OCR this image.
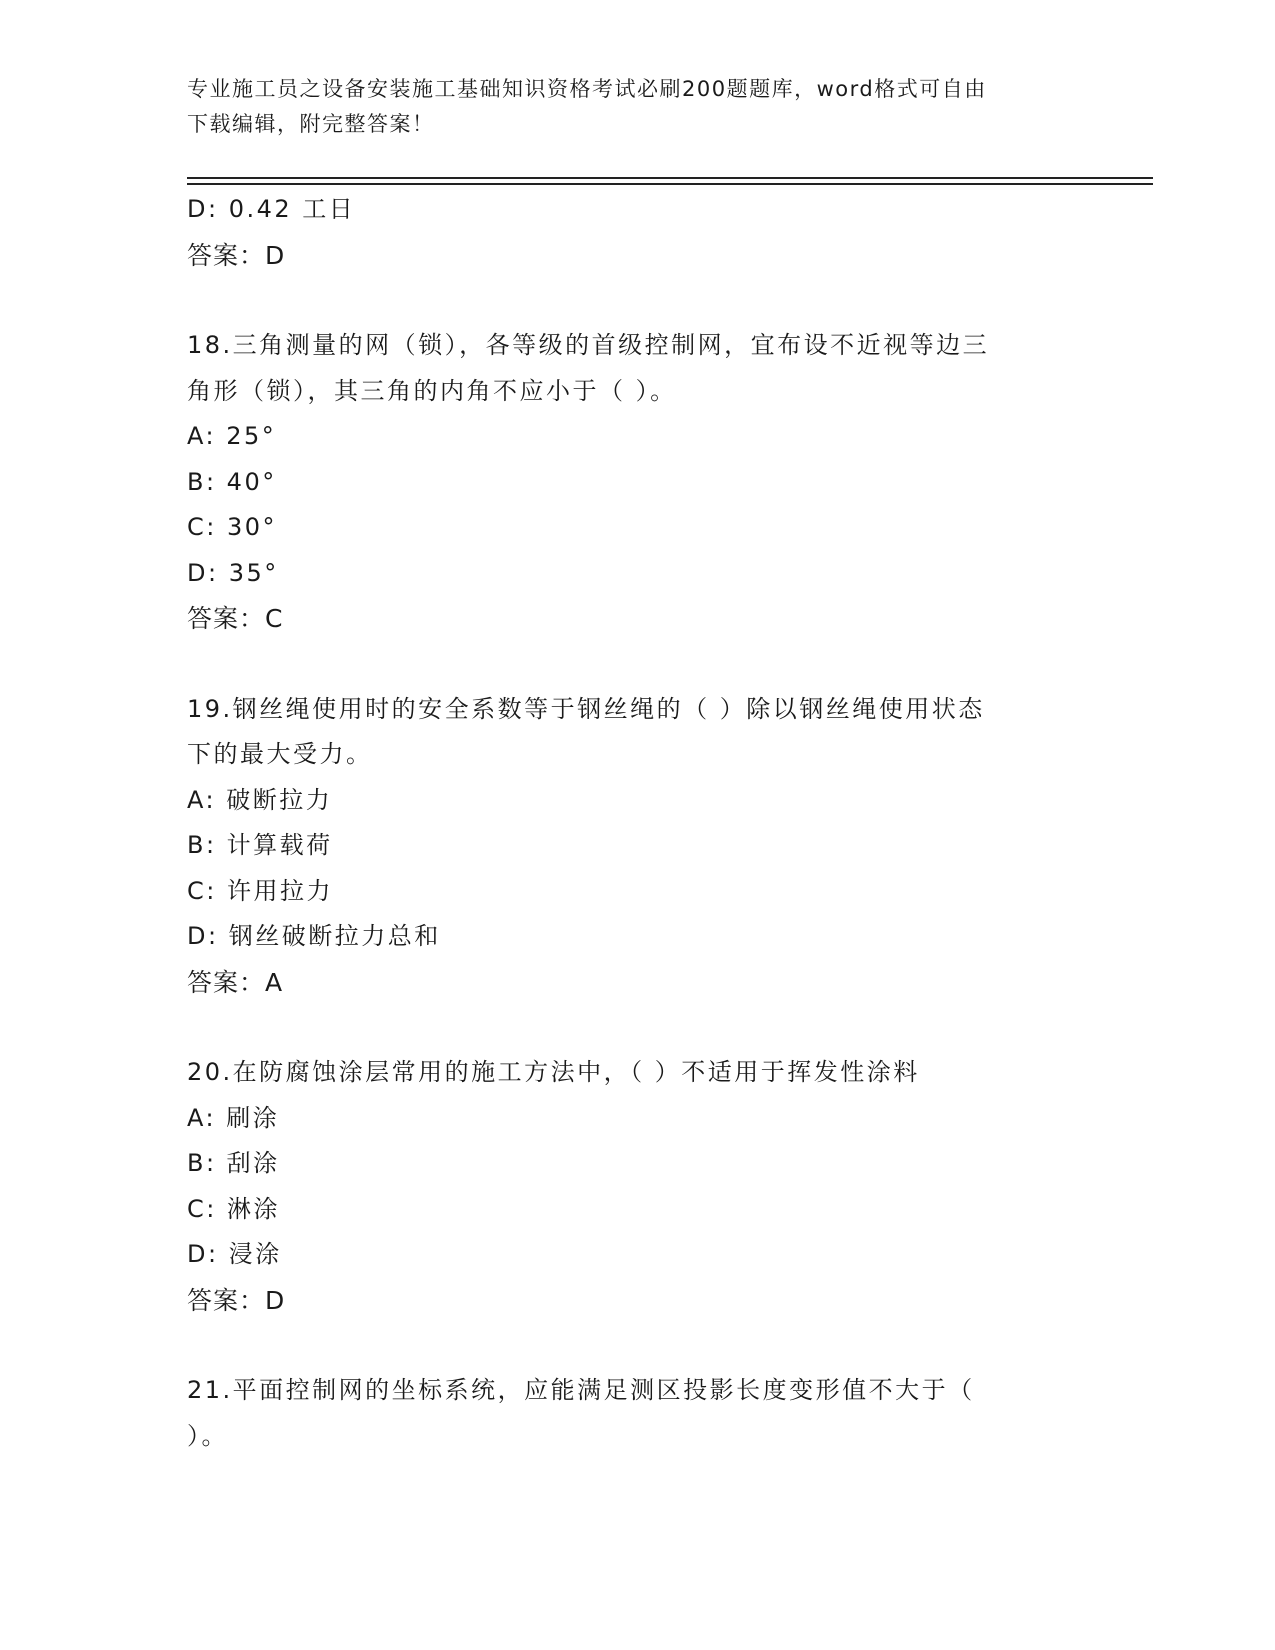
专业施工员之设备安装施工基础知识资格考试必刷200题题库，word格式可自由
下载编辑，附完整答案！
D: 0.42 工日
答案：D
18.三角测量的网（锁），各等级的首级控制网，宜布设不近视等边三
角形（锁），其三角的内角不应小于（ ）。
A: 25°
B: 40°
C: 30°
D: 35°
答案：C
19.钢丝绳使用时的安全系数等于钢丝绳的（ ）除以钢丝绳使用状态
下的最大受力。
A: 破断拉力
B: 计算载荷
C: 许用拉力
D: 钢丝破断拉力总和
答案：A
20.在防腐蚀涂层常用的施工方法中，（ ）不适用于挥发性涂料
A: 刷涂
B: 刮涂
C: 淋涂
D: 浸涂
答案：D
21.平面控制网的坐标系统，应能满足测区投影长度变形值不大于（
）。
